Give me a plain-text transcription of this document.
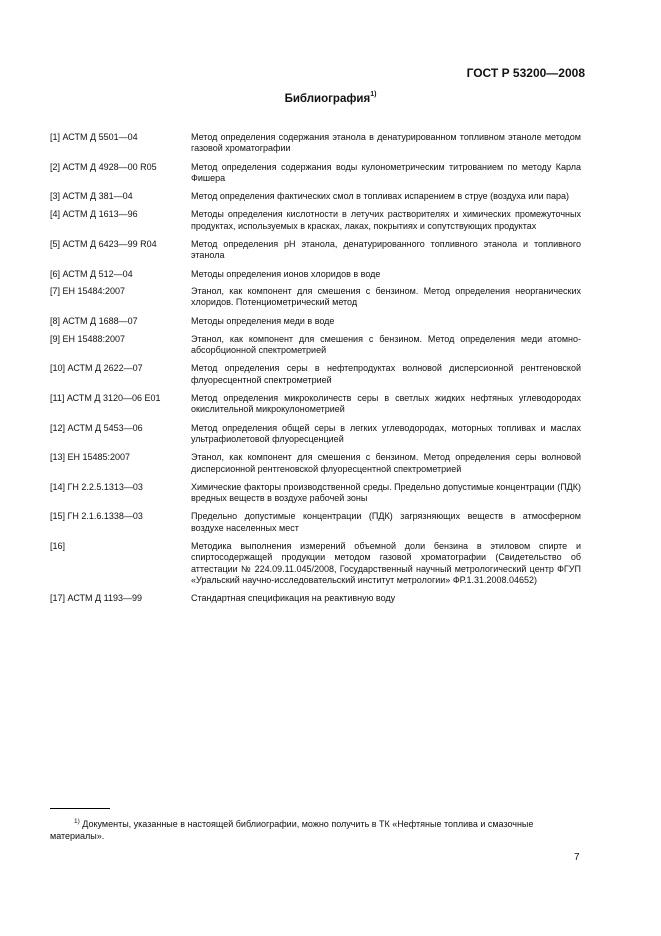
ГОСТ Р 53200—2008
Библиография$^{1)}$
[1] АСТМ Д 5501—04	Метод определения содержания этанола в денатурированном топливном этаноле методом газовой хроматографии
[2] АСТМ Д 4928—00 R05	Метод определения содержания воды кулонометрическим титрованием по методу Карла Фишера
[3] АСТМ Д 381—04	Метод определения фактических смол в топливах испарением в струе (воздуха или пара)
[4] АСТМ Д 1613—96	Методы определения кислотности в летучих растворителях и химических промежуточных продуктах, используемых в красках, лаках, покрытиях и сопутствующих продуктах
[5] АСТМ Д 6423—99 R04	Метод определения pH этанола, денатурированного топливного этанола и топливного этанола
[6] АСТМ Д 512—04	Методы определения ионов хлоридов в воде
[7] ЕН 15484:2007	Этанол, как компонент для смешения с бензином. Метод определения неорганических хлоридов. Потенциометрический метод
[8] АСТМ Д 1688—07	Методы определения меди в воде
[9] ЕН 15488:2007	Этанол, как компонент для смешения с бензином. Метод определения меди атомно-абсорбционной спектрометрией
[10] АСТМ Д 2622—07	Метод определения серы в нефтепродуктах волновой дисперсионной рентгеновской флуоресцентной спектрометрией
[11] АСТМ Д 3120—06 Е01	Метод определения микроколичеств серы в светлых жидких нефтяных углеводородах окислительной микрокулонометрией
[12] АСТМ Д 5453—06	Метод определения общей серы в легких углеводородах, моторных топливах и маслах ультрафиолетовой флуоресценцией
[13] ЕН 15485:2007	Этанол, как компонент для смешения с бензином. Метод определения серы волновой дисперсионной рентгеновской флуоресцентной спектрометрией
[14] ГН 2.2.5.1313—03	Химические факторы производственной среды. Предельно допустимые концентрации (ПДК) вредных веществ в воздухе рабочей зоны
[15] ГН 2.1.6.1338—03	Предельно допустимые концентрации (ПДК) загрязняющих веществ в атмосферном воздухе населенных мест
[16]	Методика выполнения измерений объемной доли бензина в этиловом спирте и спиртосодержащей продукции методом газовой хроматографии (Свидетельство об аттестации № 224.09.11.045/2008, Государственный научный метрологический центр ФГУП «Уральский научно-исследовательский институт метрологии» ФР.1.31.2008.04652)
[17] АСТМ Д 1193—99	Стандартная спецификация на реактивную воду
$^{1)}$ Документы, указанные в настоящей библиографии, можно получить в ТК «Нефтяные топлива и смазочные материалы».
7
